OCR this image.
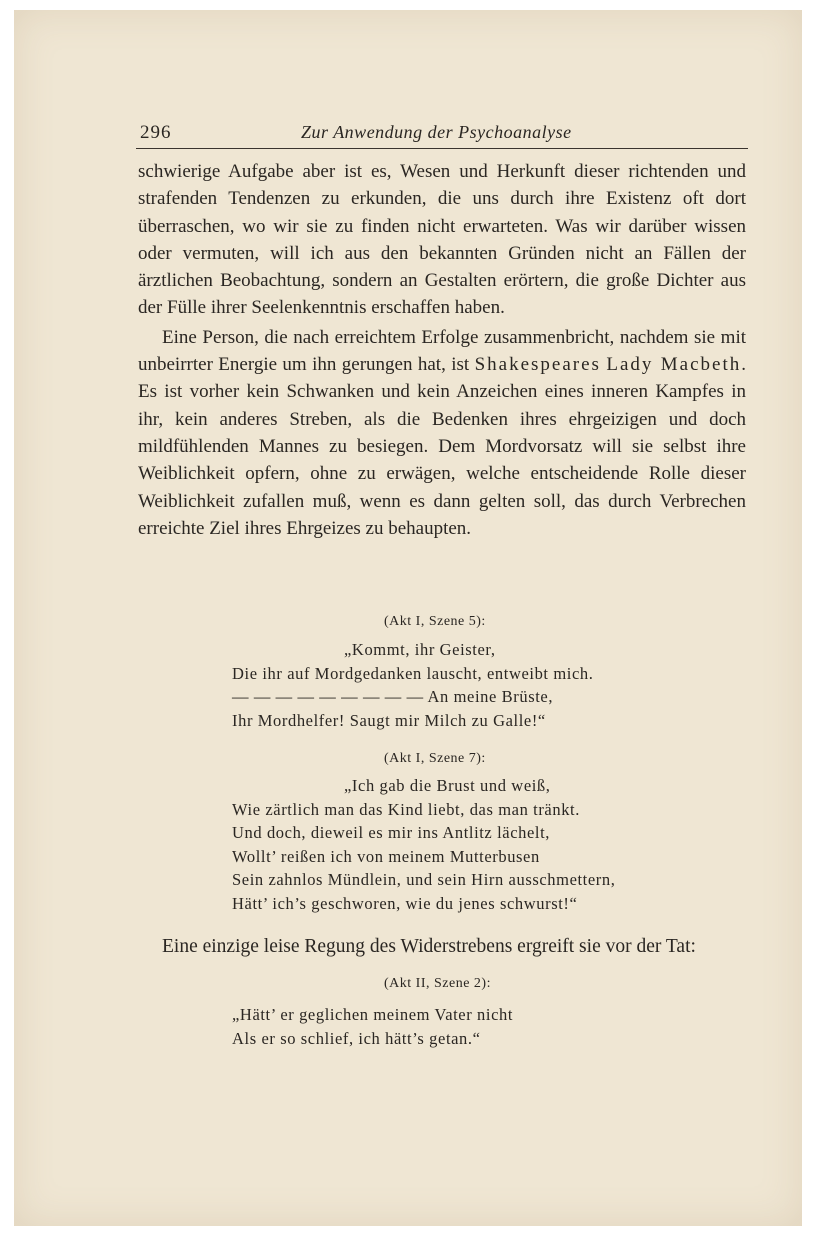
296	Zur Anwendung der Psychoanalyse

schwierige Aufgabe aber ist es, Wesen und Herkunft dieser richtenden und strafenden Tendenzen zu erkunden, die uns durch ihre Existenz oft dort überraschen, wo wir sie zu finden nicht erwarteten. Was wir darüber wissen oder vermuten, will ich aus den bekannten Gründen nicht an Fällen der ärztlichen Beobachtung, sondern an Gestalten erörtern, die große Dichter aus der Fülle ihrer Seelenkenntnis erschaffen haben.

Eine Person, die nach erreichtem Erfolge zusammenbricht, nachdem sie mit unbeirrter Energie um ihn gerungen hat, ist Shakespeares Lady Macbeth. Es ist vorher kein Schwanken und kein Anzeichen eines inneren Kampfes in ihr, kein anderes Streben, als die Bedenken ihres ehrgeizigen und doch mildfühlenden Mannes zu besiegen. Dem Mordvorsatz will sie selbst ihre Weiblichkeit opfern, ohne zu erwägen, welche entscheidende Rolle dieser Weiblichkeit zufallen muß, wenn es dann gelten soll, das durch Verbrechen erreichte Ziel ihres Ehrgeizes zu behaupten.

(Akt I, Szene 5):
„Kommt, ihr Geister,
Die ihr auf Mordgedanken lauscht, entweibt mich.
— — — — — — — — — An meine Brüste,
Ihr Mordhelfer! Saugt mir Milch zu Galle!“
(Akt I, Szene 7):
„Ich gab die Brust und weiß,
Wie zärtlich man das Kind liebt, das man tränkt.
Und doch, dieweil es mir ins Antlitz lächelt,
Wollt’ reißen ich von meinem Mutterbusen
Sein zahnlos Mündlein, und sein Hirn ausschmettern,
Hätt’ ich’s geschworen, wie du jenes schwurst!“

Eine einzige leise Regung des Widerstrebens ergreift sie vor der Tat:

(Akt II, Szene 2):
„Hätt’ er geglichen meinem Vater nicht
Als er so schlief, ich hätt’s getan.“
